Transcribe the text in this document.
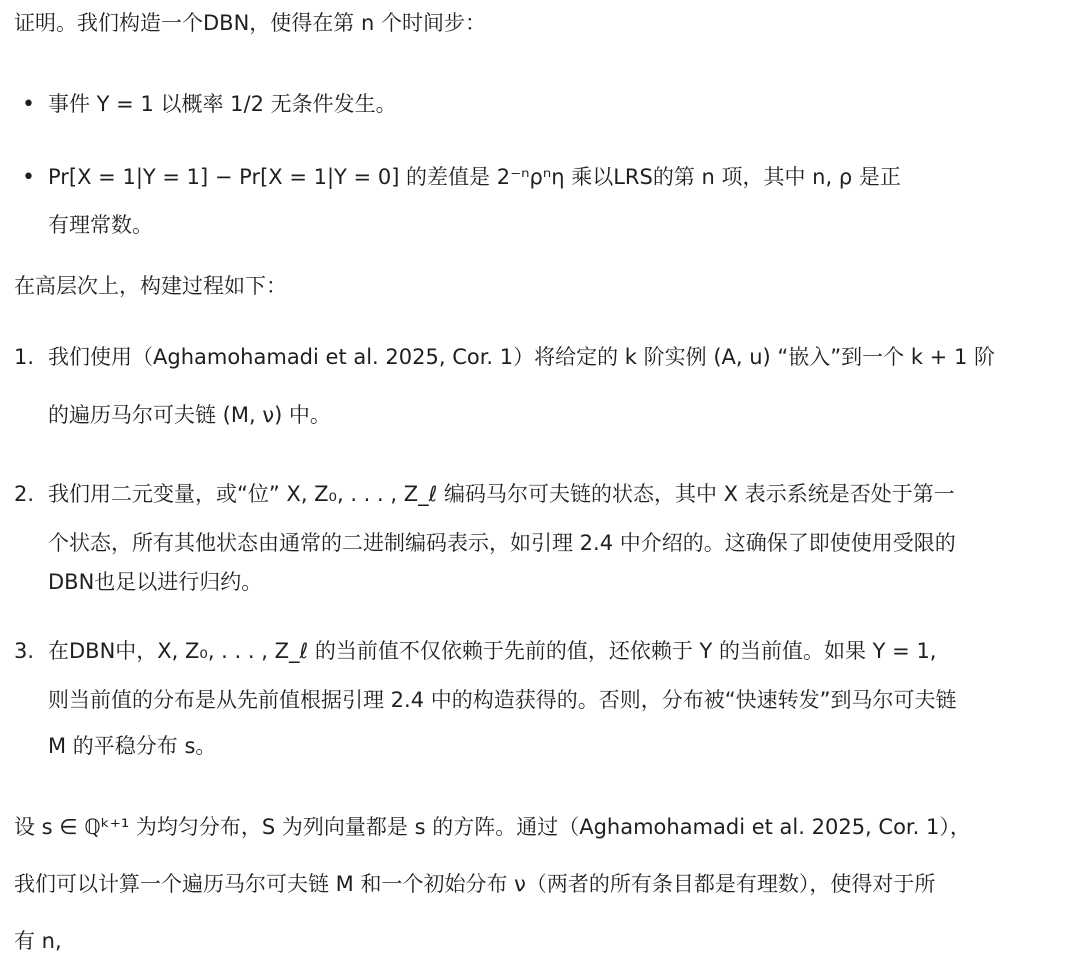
证明。我们构造一个DBN，使得在第 n 个时间步：
• 事件 Y = 1 以概率 1/2 无条件发生。
• Pr[X = 1|Y = 1] − Pr[X = 1|Y = 0] 的差值是 2⁻ⁿρⁿη 乘以LRS的第 n 项，其中 n, ρ 是正
有理常数。
在高层次上，构建过程如下：
1. 我们使用（Aghamohamadi et al. 2025, Cor. 1）将给定的 k 阶实例 (A, u) “嵌入”到一个 k + 1 阶
的遍历马尔可夫链 (M, ν) 中。
2. 我们用二元变量，或“位” X, Z₀, . . . , Z_ℓ 编码马尔可夫链的状态，其中 X 表示系统是否处于第一
个状态，所有其他状态由通常的二进制编码表示，如引理 2.4 中介绍的。这确保了即使使用受限的
DBN也足以进行归约。
3. 在DBN中，X, Z₀, . . . , Z_ℓ 的当前值不仅依赖于先前的值，还依赖于 Y 的当前值。如果 Y = 1,
则当前值的分布是从先前值根据引理 2.4 中的构造获得的。否则，分布被“快速转发”到马尔可夫链
M 的平稳分布 s。
设 s ∈ ℚᵏ⁺¹ 为均匀分布，S 为列向量都是 s 的方阵。通过（Aghamohamadi et al. 2025, Cor. 1），
我们可以计算一个遍历马尔可夫链 M 和一个初始分布 ν（两者的所有条目都是有理数），使得对于所
有 n,
